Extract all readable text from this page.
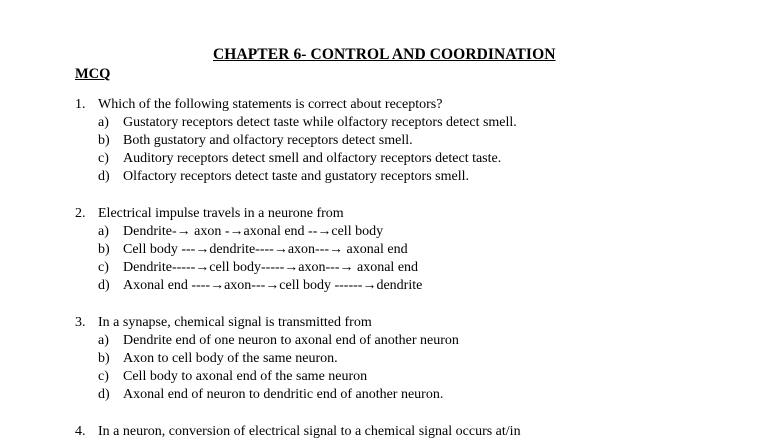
CHAPTER 6- CONTROL AND COORDINATION
MCQ
1. Which of the following statements is correct about receptors?
a) Gustatory receptors detect taste while olfactory receptors detect smell.
b) Both gustatory and olfactory receptors detect smell.
c) Auditory receptors detect smell and olfactory receptors detect taste.
d) Olfactory receptors detect taste and gustatory receptors smell.
2. Electrical impulse travels in a neurone from
a) Dendrite-→ axon -→axonal end --→cell body
b) Cell body ---→dendrite----→axon---→ axonal end
c) Dendrite-----→cell body-----→axon---→ axonal end
d) Axonal end ----→axon---→cell body ------→dendrite
3. In a synapse, chemical signal is transmitted from
a) Dendrite end of one neuron to axonal end of another neuron
b) Axon to cell body of the same neuron.
c) Cell body to axonal end of the same neuron
d) Axonal end of neuron to dendritic end of another neuron.
4. In a neuron, conversion of electrical signal to a chemical signal occurs at/in
